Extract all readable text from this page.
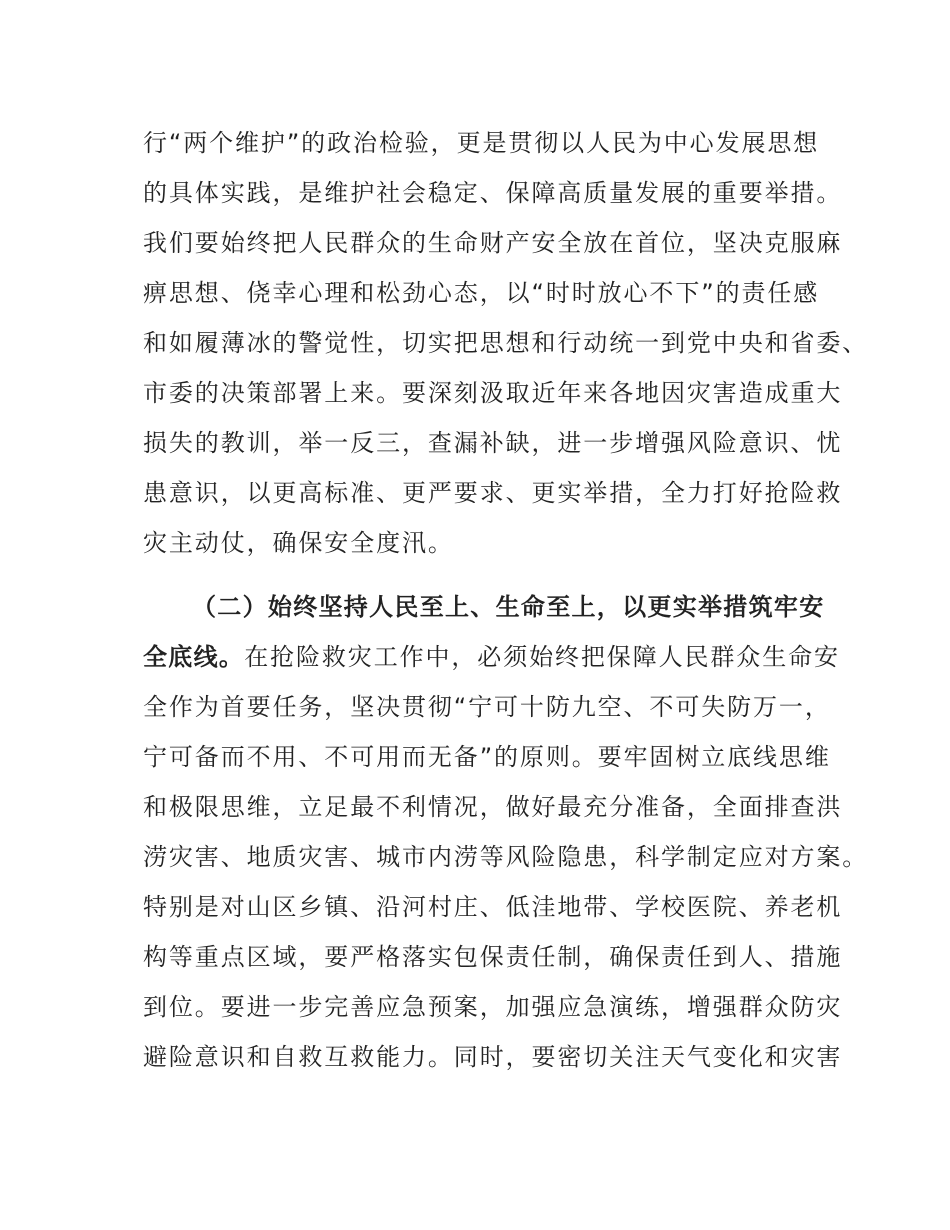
行“两个维护”的政治检验，更是贯彻以人民为中心发展思想
的具体实践，是维护社会稳定、保障高质量发展的重要举措。
我们要始终把人民群众的生命财产安全放在首位，坚决克服麻
痹思想、侥幸心理和松劲心态，以“时时放心不下”的责任感
和如履薄冰的警觉性，切实把思想和行动统一到党中央和省委、
市委的决策部署上来。要深刻汲取近年来各地因灾害造成重大
损失的教训，举一反三，查漏补缺，进一步增强风险意识、忧
患意识，以更高标准、更严要求、更实举措，全力打好抢险救
灾主动仗，确保安全度汛。
（二）始终坚持人民至上、生命至上，以更实举措筑牢安
全底线。在抢险救灾工作中，必须始终把保障人民群众生命安
全作为首要任务，坚决贯彻“宁可十防九空、不可失防万一，
宁可备而不用、不可用而无备”的原则。要牢固树立底线思维
和极限思维，立足最不利情况，做好最充分准备，全面排查洪
涝灾害、地质灾害、城市内涝等风险隐患，科学制定应对方案。
特别是对山区乡镇、沿河村庄、低洼地带、学校医院、养老机
构等重点区域，要严格落实包保责任制，确保责任到人、措施
到位。要进一步完善应急预案，加强应急演练，增强群众防灾
避险意识和自救互救能力。同时，要密切关注天气变化和灾害
